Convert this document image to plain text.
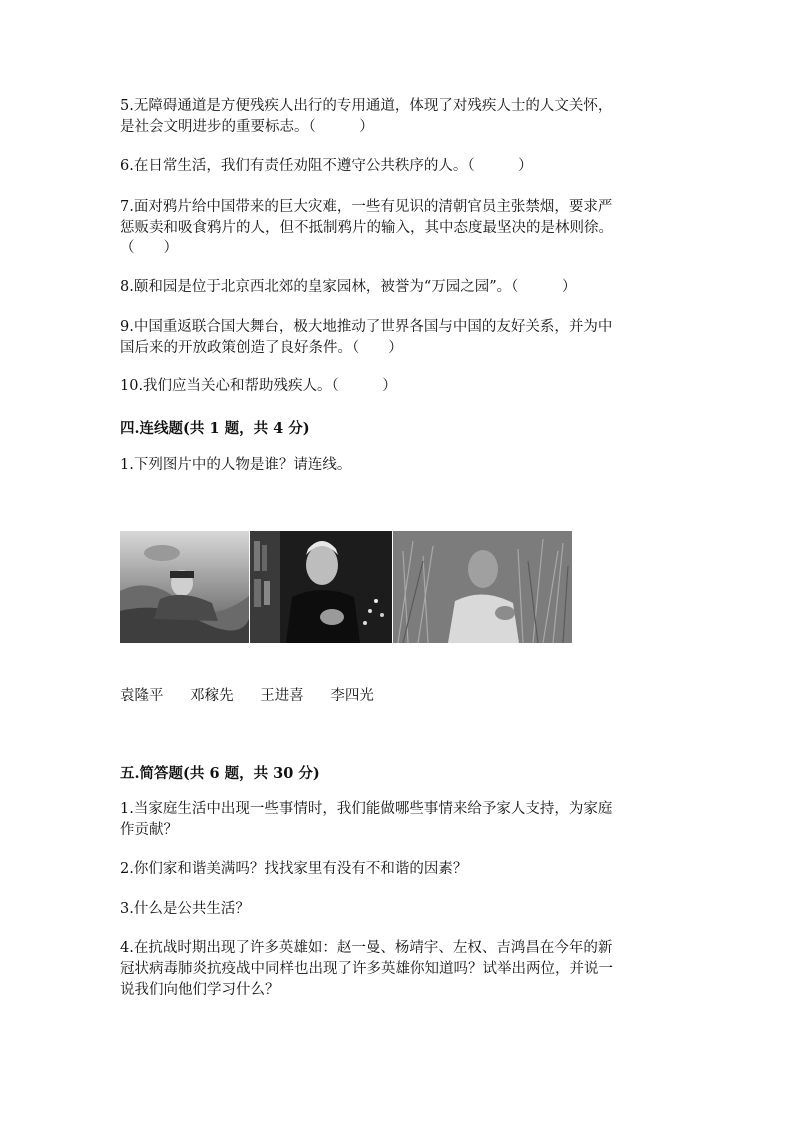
5.无障碍通道是方便残疾人出行的专用通道，体现了对残疾人士的人文关怀，
是社会文明进步的重要标志。（　　　）
6.在日常生活，我们有责任劝阻不遵守公共秩序的人。（　　　）
7.面对鸦片给中国带来的巨大灾难，一些有见识的清朝官员主张禁烟，要求严
惩贩卖和吸食鸦片的人，但不抵制鸦片的输入，其中态度最坚决的是林则徐。
（　　）
8.颐和园是位于北京西北郊的皇家园林，被誉为“万园之园”。（　　　）
9.中国重返联合国大舞台，极大地推动了世界各国与中国的友好关系，并为中
国后来的开放政策创造了良好条件。（　　）
10.我们应当关心和帮助残疾人。（　　　）
四.连线题(共 1 题，共 4 分)
1.下列图片中的人物是谁？请连线。
袁隆平 邓稼先 王进喜 李四光
五.简答题(共 6 题，共 30 分)
1.当家庭生活中出现一些事情时，我们能做哪些事情来给予家人支持，为家庭
作贡献？
2.你们家和谐美满吗？找找家里有没有不和谐的因素？
3.什么是公共生活？
4.在抗战时期出现了许多英雄如：赵一曼、杨靖宇、左权、吉鸿昌在今年的新
冠状病毒肺炎抗疫战中同样也出现了许多英雄你知道吗？试举出两位，并说一
说我们向他们学习什么？
